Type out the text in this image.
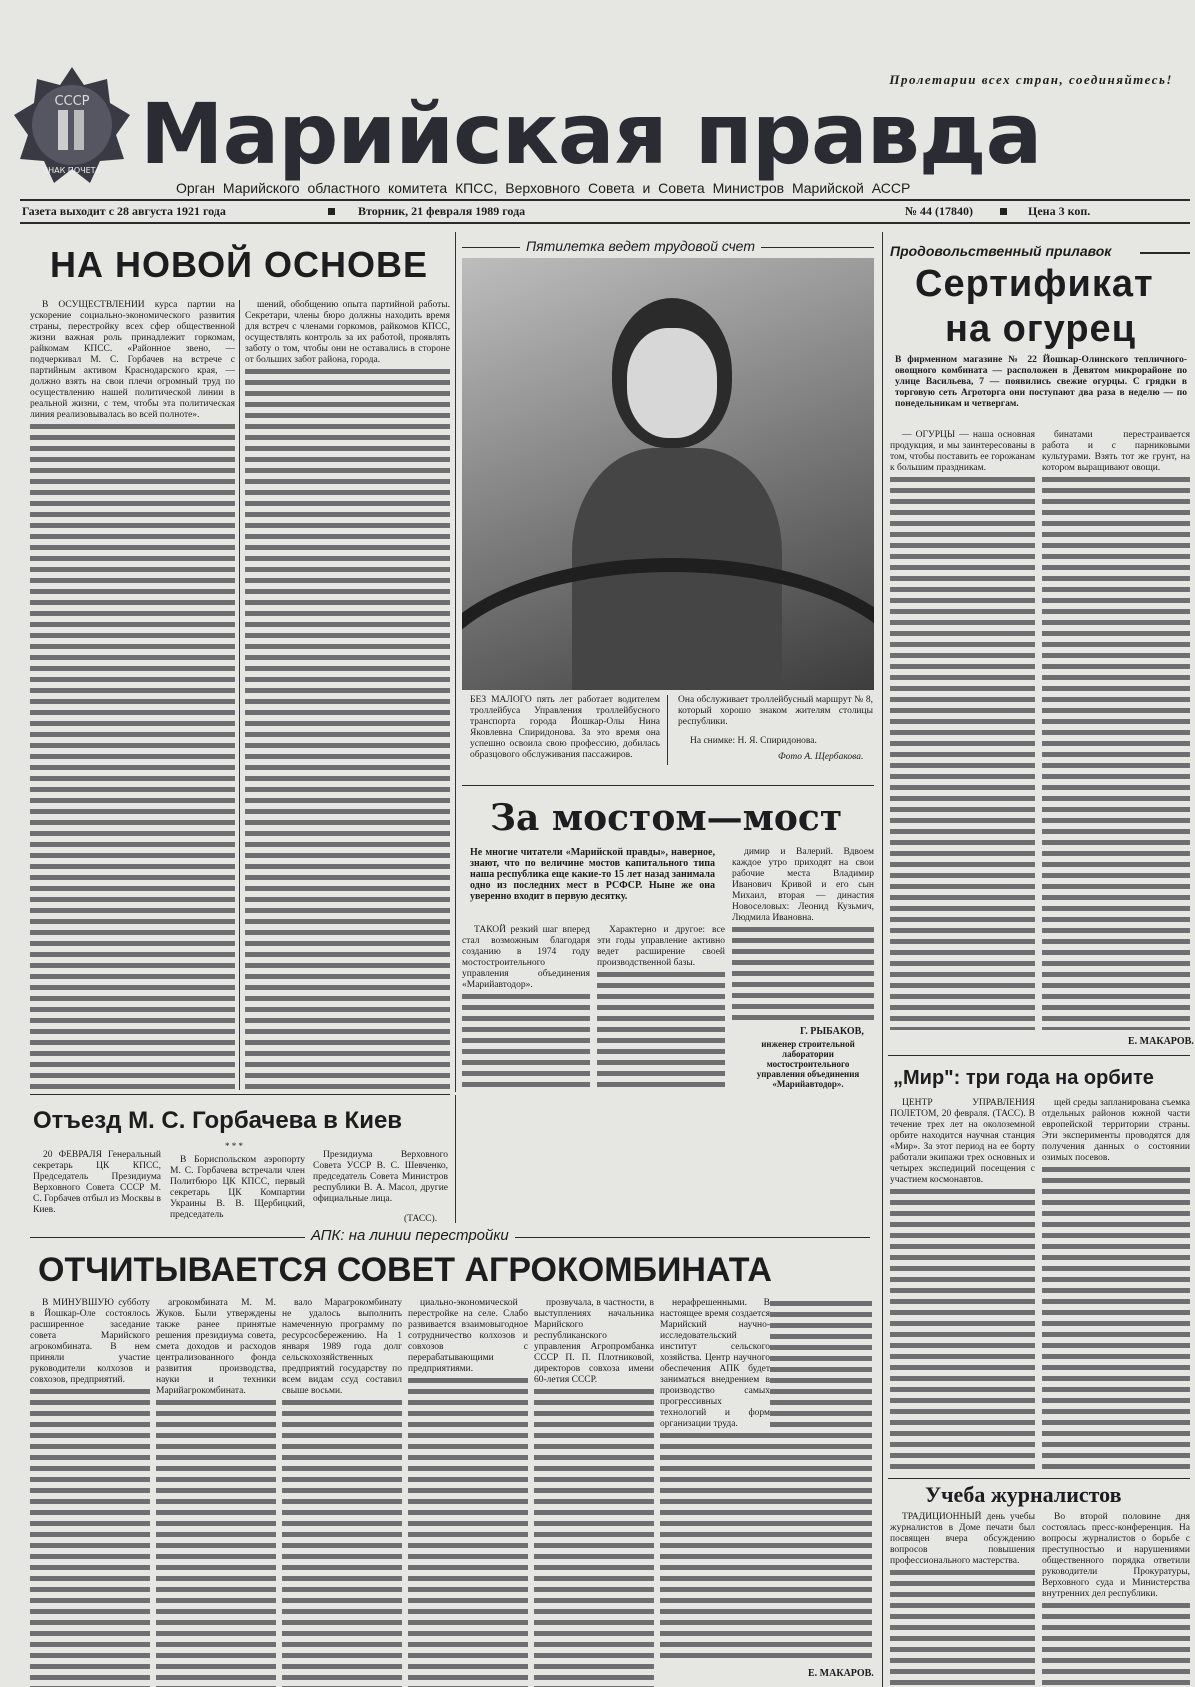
СССР
ЗНАК ПОЧЕТА
Пролетарии всех стран, соединяйтесь!
Марийская правда
Орган Марийского областного комитета КПСС, Верховного Совета и Совета Министров Марийской АССР
Газета выходит с 28 августа 1921 года	Вторник, 21 февраля 1989 года	№ 44 (17840)	Цена 3 коп.
НА НОВОЙ ОСНОВЕ

В ОСУЩЕСТВЛЕНИИ курса партии на ускорение социально-экономического развития страны, перестройку всех сфер общественной жизни важная роль принадлежит горкомам, райкомам КПСС. «Районное звено, — подчеркивал М. С. Горбачев на встрече с партийным активом Краснодарского края, — должно взять на свои плечи огромный труд по осуществлению нашей политической линии в реальной жизни, с тем, чтобы эта политическая линия реализовывалась во всей полноте».

шений, обобщению опыта партийной работы. Секретари, члены бюро должны находить время для встреч с членами горкомов, райкомов КПСС, осуществлять контроль за их работой, проявлять заботу о том, чтобы они не оставались в стороне от больших забот района, города.

Пятилетка ведет трудовой счет
БЕЗ МАЛОГО пять лет работает водителем троллейбуса Управления троллейбусного транспорта города Йошкар-Олы Нина Яковлевна Спиридонова. За это время она успешно освоила свою профессию, добилась образцового обслуживания пассажиров.
Она обслуживает троллейбусный маршрут № 8, который хорошо знаком жителям столицы республики.
На снимке: Н. Я. Спиридонова.
Фото А. Щербакова.
За мостом—мост
Не многие читатели «Марийской правды», наверное, знают, что по величине мостов капитального типа наша республика еще какие-то 15 лет назад занимала одно из последних мест в РСФСР. Ныне же она уверенно входит в первую десятку.

ТАКОЙ резкий шаг вперед стал возможным благодаря созданию в 1974 году мостостроительного управления объединения «Марийавтодор».

Характерно и другое: все эти годы управление активно ведет расширение своей производственной базы.

димир и Валерий. Вдвоем каждое утро приходят на свои рабочие места Владимир Иванович Кривой и его сын Михаил, вторая — династия Новоселовых: Леонид Кузьмич, Людмила Ивановна.

Г. РЫБАКОВ,
инженер строительной лаборатории мостостроительного управления объединения «Марийавтодор».
Продовольственный прилавок
Сертификат
на огурец
В фирменном магазине № 22 Йошкар-Олинского тепличного-овощного комбината — расположен в Девятом микрорайоне по улице Васильева, 7 — появились свежие огурцы. С грядки в торговую сеть Агроторга они поступают два раза в неделю — по понедельникам и четвергам.

— ОГУРЦЫ — наша основная продукция, и мы заинтересованы в том, чтобы поставить ее горожанам к большим праздникам.

бинатами перестраивается работа и с парниковыми культурами. Взять тот же грунт, на котором выращивают овощи.

Е. МАКАРОВ.
„Мир": три года на орбите

ЦЕНТР УПРАВЛЕНИЯ ПОЛЕТОМ, 20 февраля. (ТАСС). В течение трех лет на околоземной орбите находится научная станция «Мир». За этот период на ее борту работали экипажи трех основных и четырех экспедиций посещения с участием космонавтов.

щей среды запланирована съемка отдельных районов южной части европейской территории страны. Эти эксперименты проводятся для получения данных о состоянии озимых посевов.

Учеба журналистов

ТРАДИЦИОННЫЙ день учебы журналистов в Доме печати был посвящен вчера обсуждению вопросов повышения профессионального мастерства.

Во второй половине дня состоялась пресс-конференция. На вопросы журналистов о борьбе с преступностью и нарушениями общественного порядка ответили руководители Прокуратуры, Верховного суда и Министерства внутренних дел республики.

Отъезд М. С. Горбачева в Киев
20 ФЕВРАЛЯ Генеральный секретарь ЦК КПСС, Председатель Президиума Верховного Совета СССР М. С. Горбачев отбыл из Москвы в Киев.
* * *
В Бориспольском аэропорту М. С. Горбачева встречали член Политбюро ЦК КПСС, первый секретарь ЦК Компартии Украины В. В. Щербицкий, председатель
Президиума Верховного Совета УССР В. С. Шевченко, председатель Совета Министров республики В. А. Масол, другие официальные лица.
(ТАСС).
АПК: на линии перестройки
ОТЧИТЫВАЕТСЯ СОВЕТ АГРОКОМБИНАТА

В МИНУВШУЮ субботу в Йошкар-Оле состоялось расширенное заседание совета Марийского агрокомбината. В нем приняли участие руководители колхозов и совхозов, предприятий.

агрокомбината М. М. Жуков. Были утверждены также ранее принятые решения президиума совета, смета доходов и расходов централизованного фонда развития производства, науки и техники Марийагрокомбината.

вало Марагрокомбинату не удалось выполнить намеченную программу по ресурсосбережению. На 1 января 1989 года долг сельскохозяйственных предприятий государству по всем видам ссуд составил свыше восьми.

циально-экономической перестройке на селе. Слабо развивается взаимовыгодное сотрудничество колхозов и совхозов с перерабатывающими предприятиями.

прозвучала, в частности, в выступлениях начальника Марийского республиканского управления Агропромбанка СССР П. П. Плотниковой, директоров совхоза имени 60-летия СССР.

нерафрешенными. В настоящее время создается Марийский научно-исследовательский институт сельского хозяйства. Центр научного обеспечения АПК будет заниматься внедрением в производство самых прогрессивных технологий и форм организации труда.

Е. МАКАРОВ.
